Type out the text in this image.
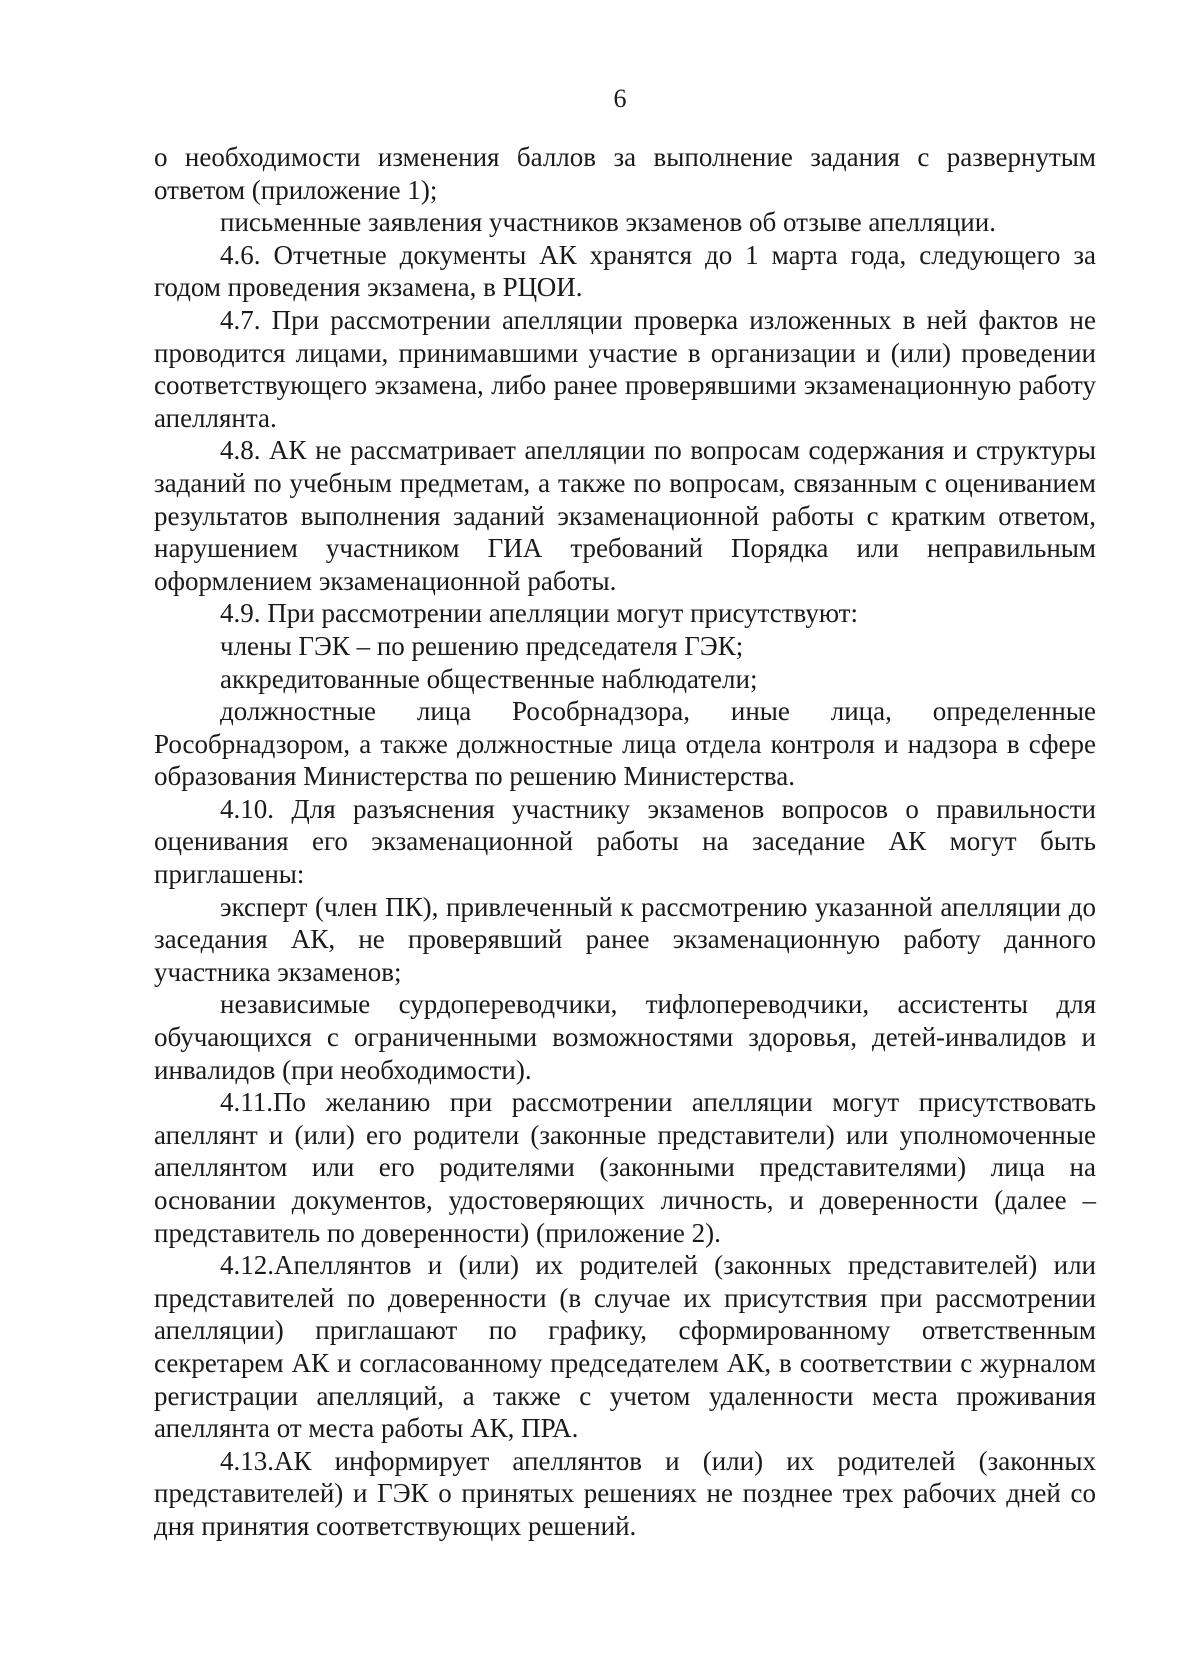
6

о необходимости изменения баллов за выполнение задания с развернутым ответом (приложение 1);

письменные заявления участников экзаменов об отзыве апелляции.

4.6. Отчетные документы АК хранятся до 1 марта года, следующего за годом проведения экзамена, в РЦОИ.

4.7. При рассмотрении апелляции проверка изложенных в ней фактов не проводится лицами, принимавшими участие в организации и (или) проведении соответствующего экзамена, либо ранее проверявшими экзаменационную работу апеллянта.

4.8. АК не рассматривает апелляции по вопросам содержания и структуры заданий по учебным предметам, а также по вопросам, связанным с оцениванием результатов выполнения заданий экзаменационной работы с кратким ответом, нарушением участником ГИА требований Порядка или неправильным оформлением экзаменационной работы.

4.9. При рассмотрении апелляции могут присутствуют:

члены ГЭК – по решению председателя ГЭК;

аккредитованные общественные наблюдатели;

должностные лица Рособрнадзора, иные лица, определенные Рособрнадзором, а также должностные лица отдела контроля и надзора в сфере образования Министерства по решению Министерства.

4.10. Для разъяснения участнику экзаменов вопросов о правильности оценивания его экзаменационной работы на заседание АК могут быть приглашены:

эксперт (член ПК), привлеченный к рассмотрению указанной апелляции до заседания АК, не проверявший ранее экзаменационную работу данного участника экзаменов;

независимые сурдопереводчики, тифлопереводчики, ассистенты для обучающихся с ограниченными возможностями здоровья, детей-инвалидов и инвалидов (при необходимости).

4.11.По желанию при рассмотрении апелляции могут присутствовать апеллянт и (или) его родители (законные представители) или уполномоченные апеллянтом или его родителями (законными представителями) лица на основании документов, удостоверяющих личность, и доверенности (далее – представитель по доверенности) (приложение 2).

4.12.Апеллянтов и (или) их родителей (законных представителей) или представителей по доверенности (в случае их присутствия при рассмотрении апелляции) приглашают по графику, сформированному ответственным секретарем АК и согласованному председателем АК, в соответствии с журналом регистрации апелляций, а также с учетом удаленности места проживания апеллянта от места работы АК, ПРА.

4.13.АК информирует апеллянтов и (или) их родителей (законных представителей) и ГЭК о принятых решениях не позднее трех рабочих дней со дня принятия соответствующих решений.
